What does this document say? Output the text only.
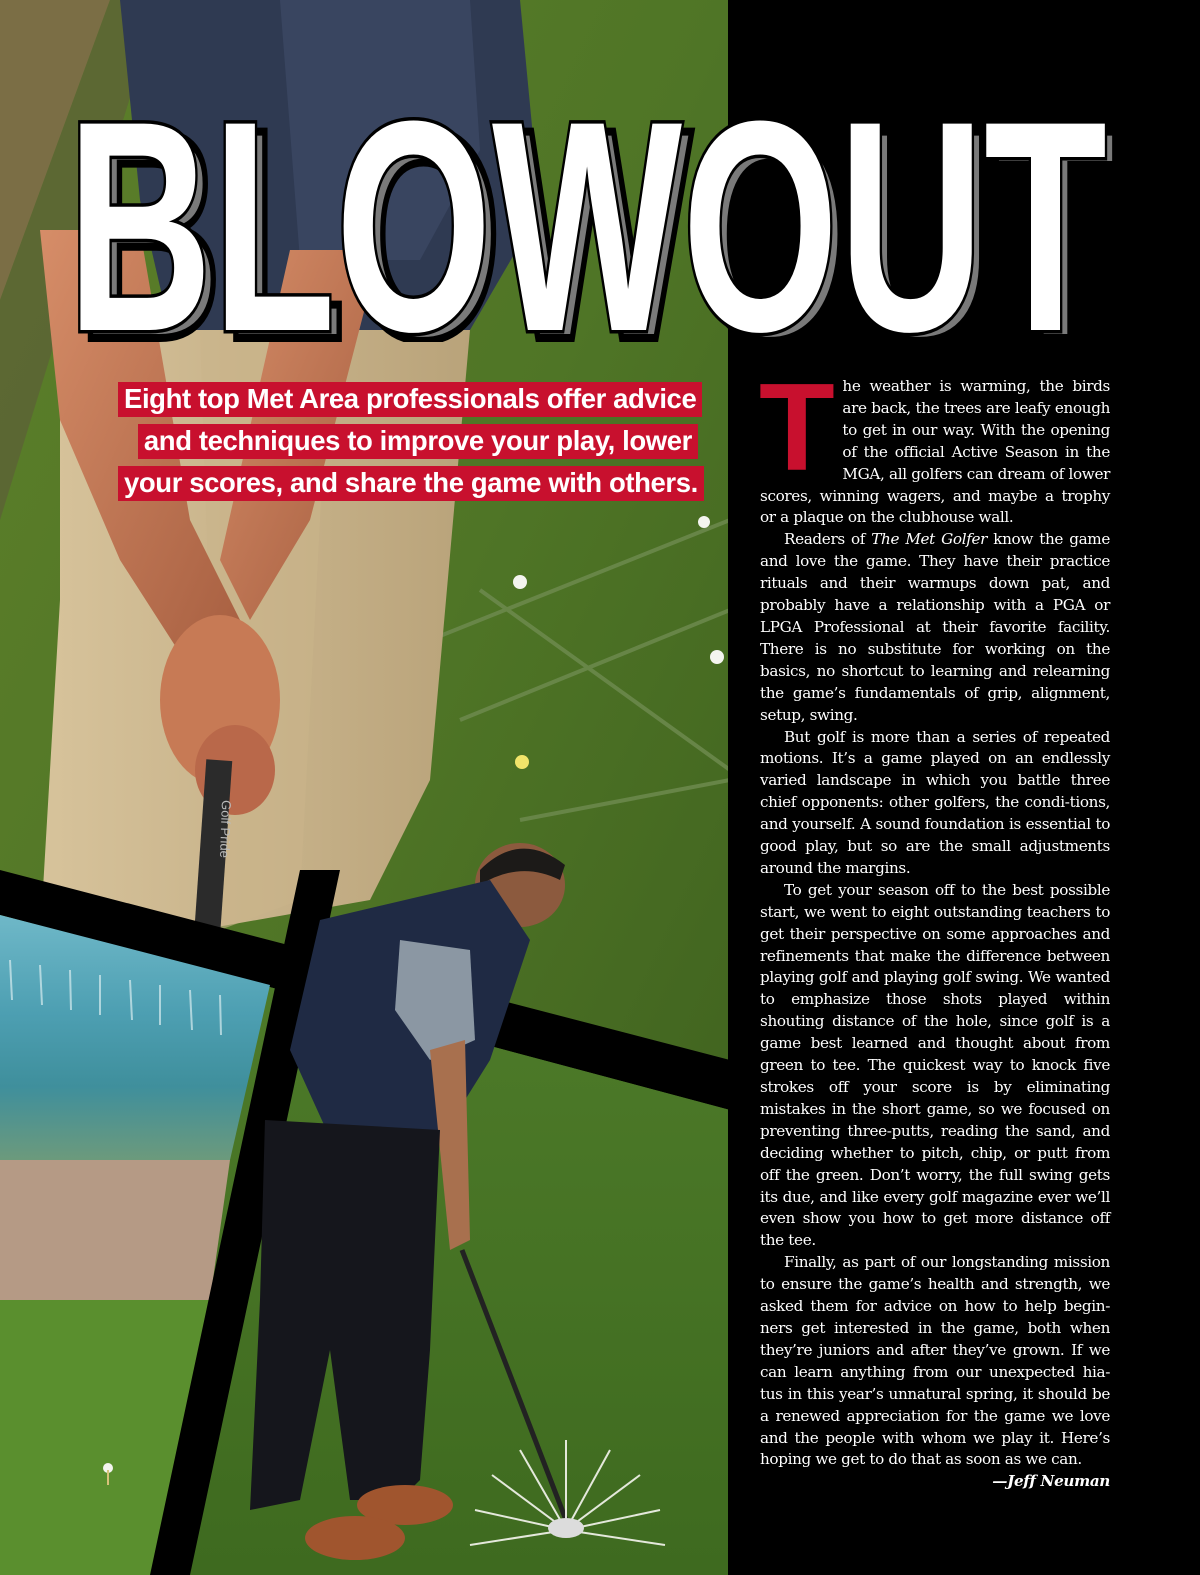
Golf Pride
BLOWOUT
BLOWOUT
Eight top Met Area professionals offer advice
and techniques to improve your play, lower
your scores, and share the game with others. The weather is warming, the birds are back, the trees are leafy enough to get in our way. With the opening of the official Active Season in the MGA, all golfers can dream of lower scores, winning wagers, and maybe a trophy or a plaque on the clubhouse wall.

Readers of The Met Golfer know the game and love the game. They have their practice rituals and their warmups down pat, and probably have a relationship with a PGA or LPGA Professional at their favorite facility. There is no substitute for working on the basics, no shortcut to learning and relearning the game’s fundamentals of grip, alignment, setup, swing.

But golf is more than a series of repeated motions. It’s a game played on an endlessly varied landscape in which you battle three chief opponents: other golfers, the condi-tions, and yourself. A sound foundation is essential to good play, but so are the small adjustments around the margins.

To get your season off to the best possible start, we went to eight outstanding teachers to get their perspective on some approaches and refinements that make the difference between playing golf and playing golf swing. We wanted to emphasize those shots played within shouting distance of the hole, since golf is a game best learned and thought about from green to tee. The quickest way to knock five strokes off your score is by eliminating mistakes in the short game, so we focused on preventing three-putts, reading the sand, and deciding whether to pitch, chip, or putt from off the green. Don’t worry, the full swing gets its due, and like every golf magazine ever we’ll even show you how to get more distance off the tee.

Finally, as part of our longstanding mission to ensure the game’s health and strength, we asked them for advice on how to help begin-ners get interested in the game, both when they’re juniors and after they’ve grown. If we can learn anything from our unexpected hia-tus in this year’s unnatural spring, it should be a renewed appreciation for the game we love and the people with whom we play it. Here’s hoping we get to do that as soon as we can.

—Jeff Neuman
